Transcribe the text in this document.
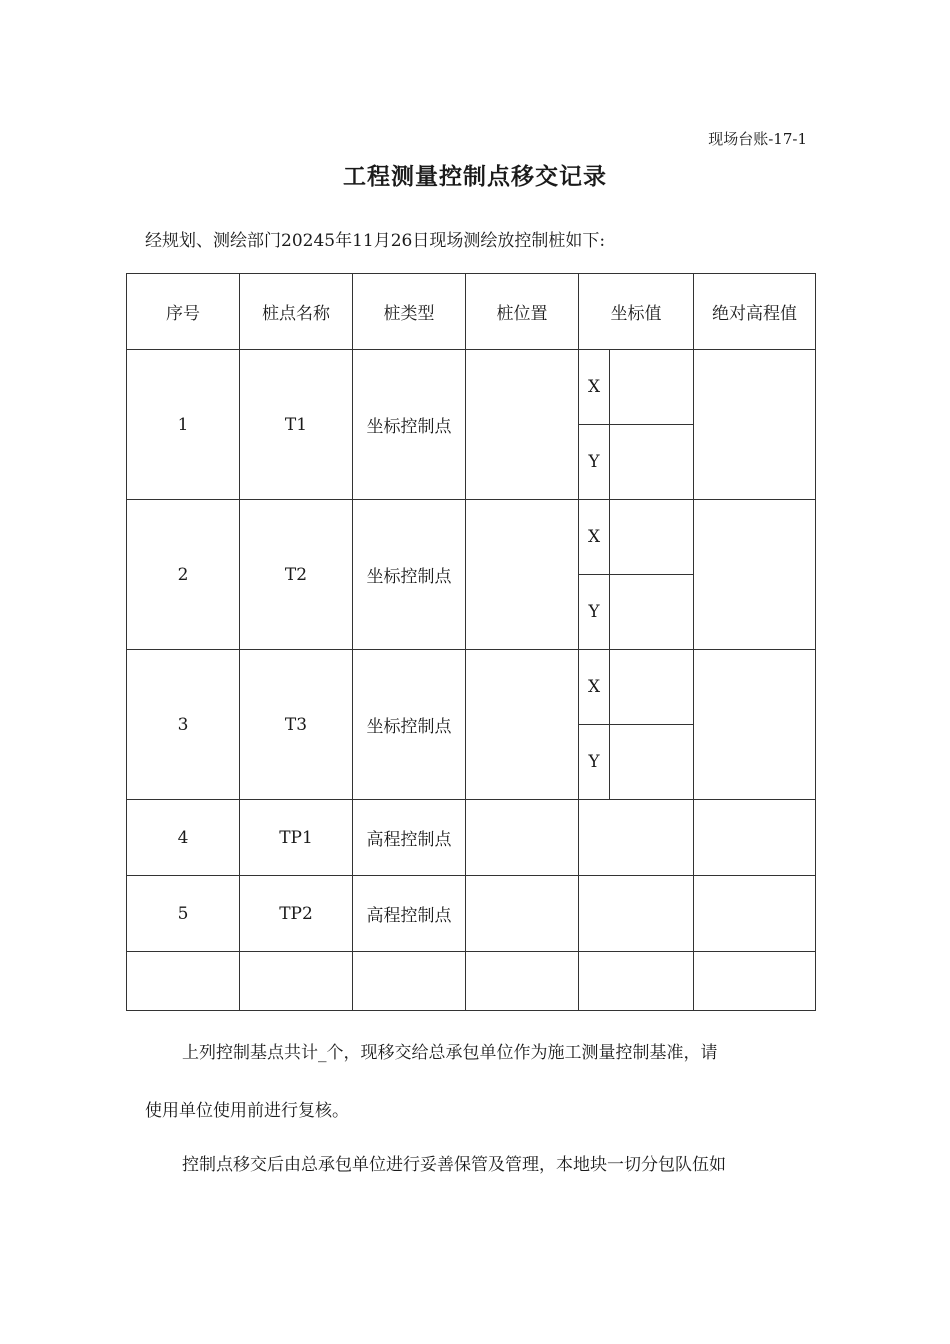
现场台账-17-1
工程测量控制点移交记录
经规划、测绘部门20245年11月26日现场测绘放控制桩如下:
序号	桩点名称	桩类型	桩位置	坐标值		绝对高程值
1	T1	坐标控制点		X		
				Y		
2	T2	坐标控制点		X		
				Y		
3	T3	坐标控制点		X		
				Y		
4	TP1	高程控制点				
5	TP2	高程控制点				

上列控制基点共计_个，现移交给总承包单位作为施工测量控制基准，请
使用单位使用前进行复核。
控制点移交后由总承包单位进行妥善保管及管理，本地块一切分包队伍如
